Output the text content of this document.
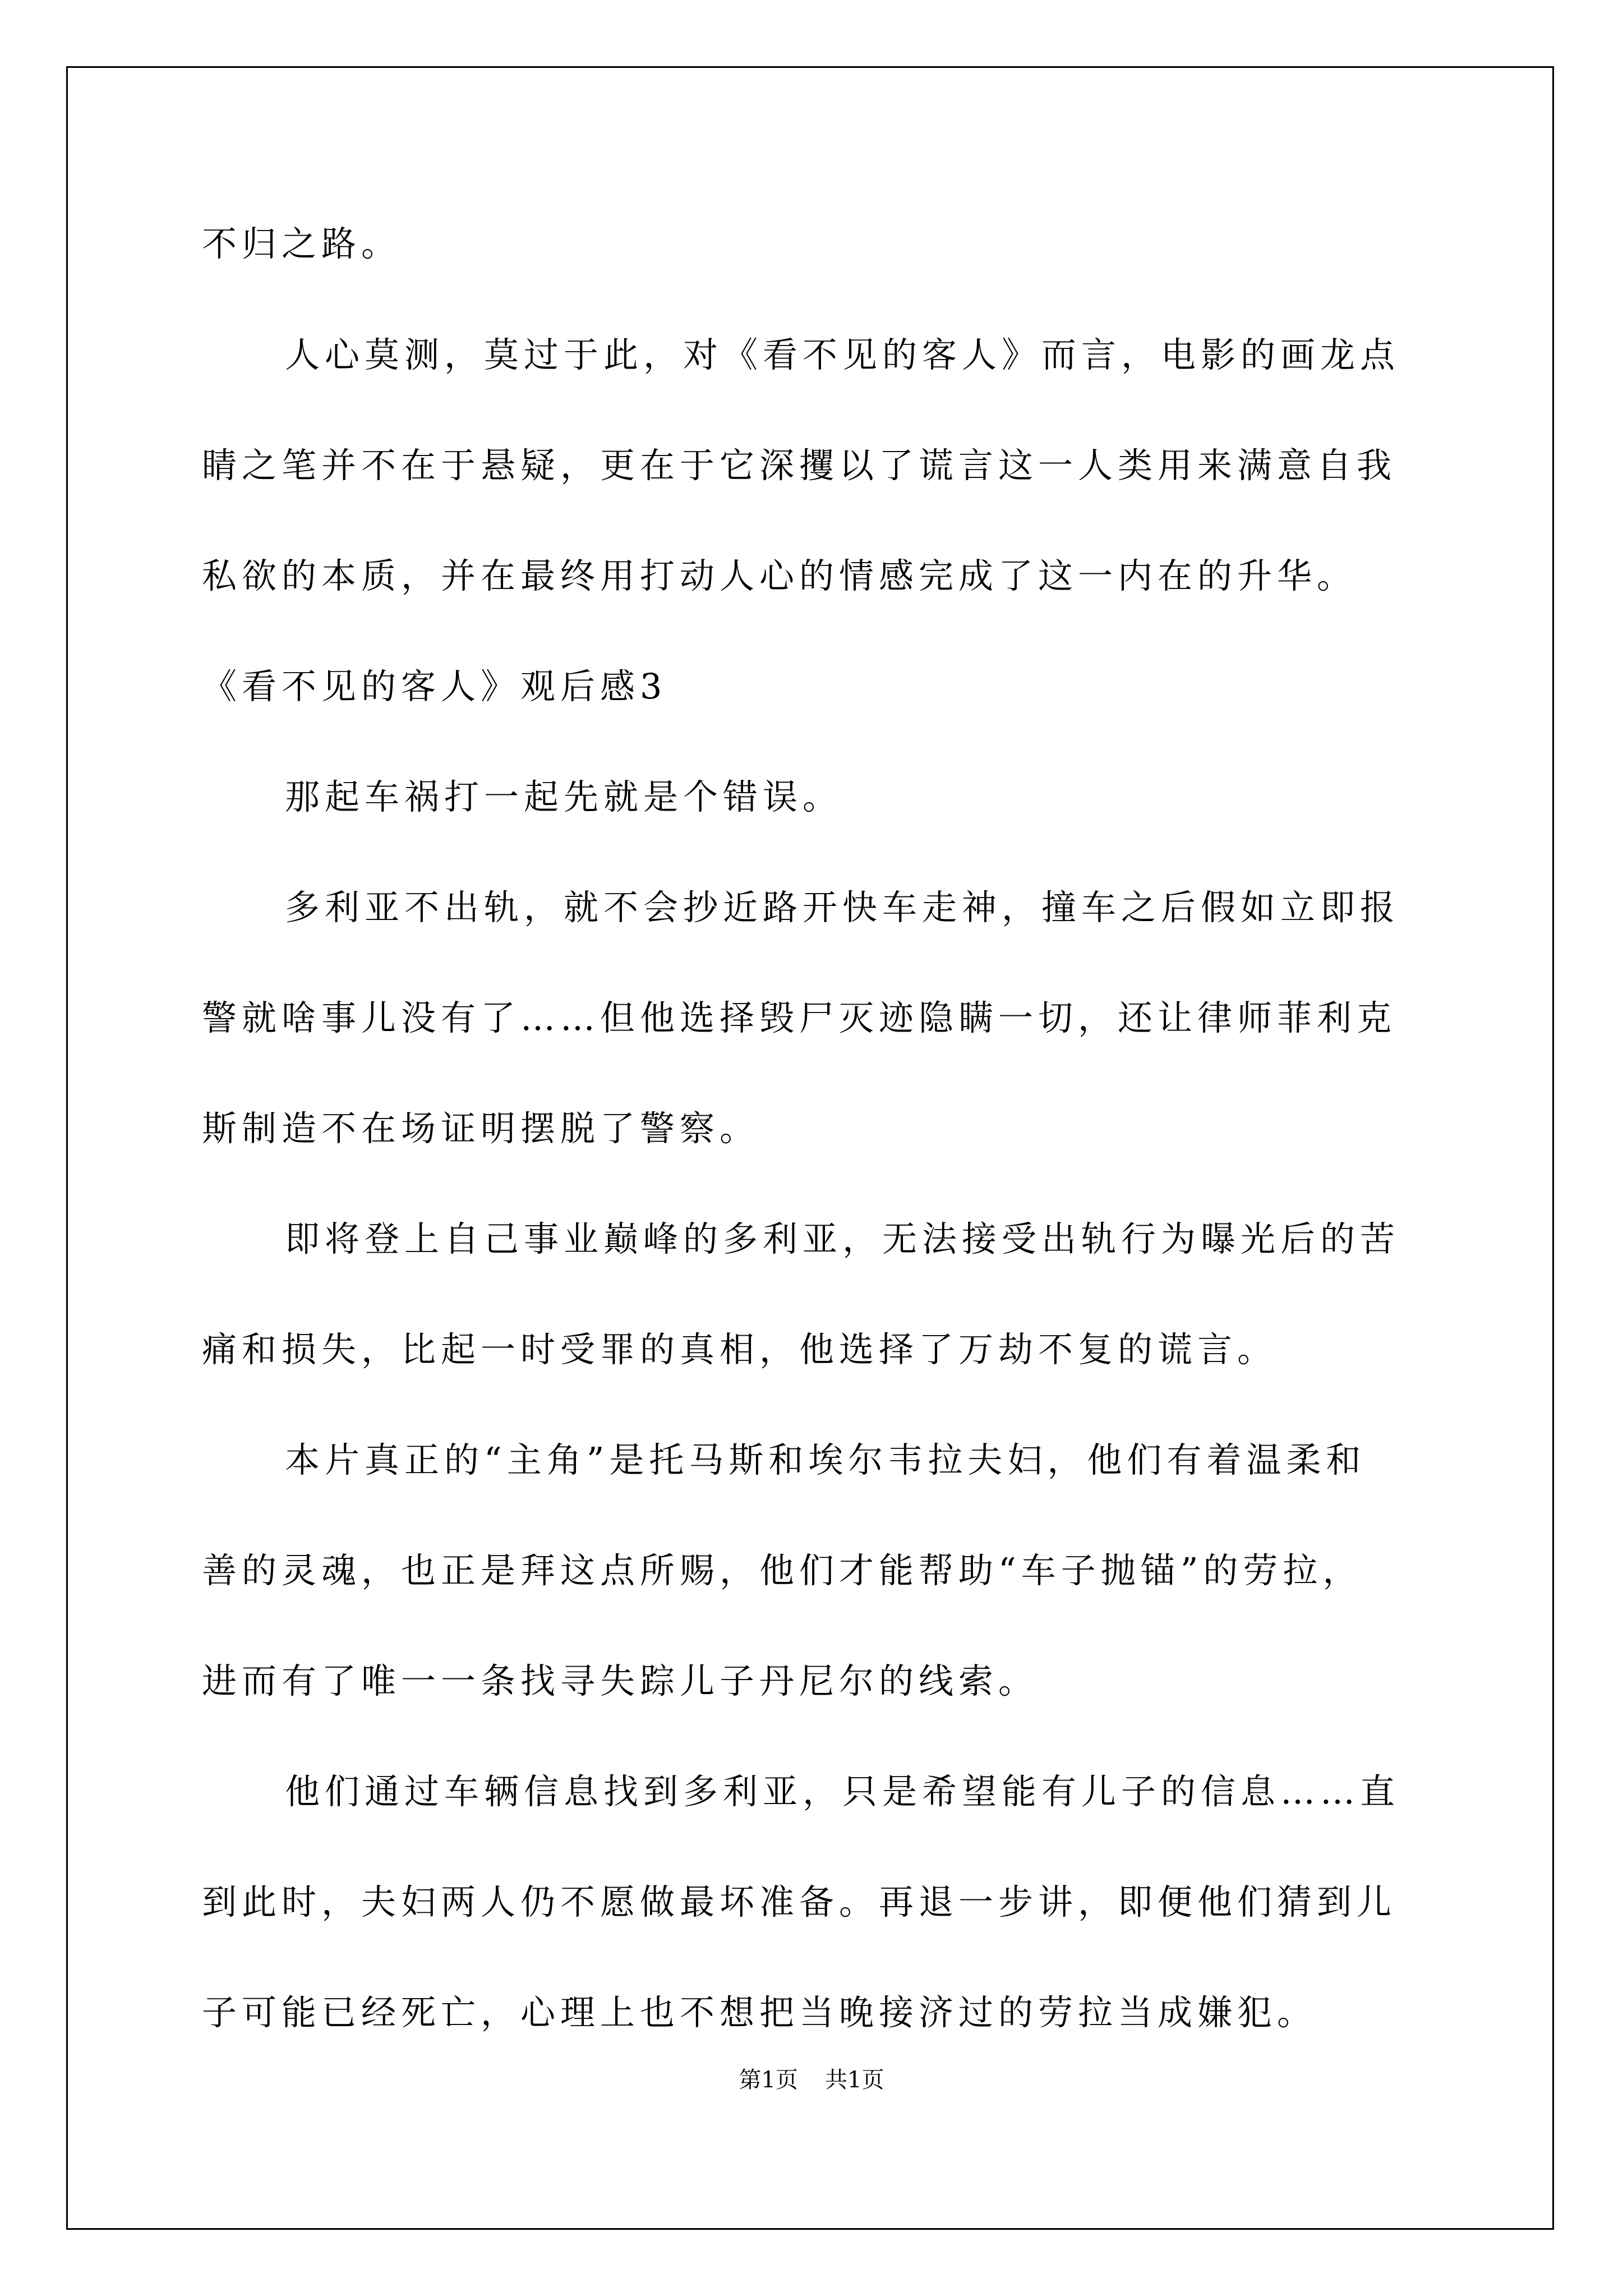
不归之路。
人心莫测，莫过于此，对《看不见的客人》而言，电影的画龙点
睛之笔并不在于悬疑，更在于它深攫以了谎言这一人类用来满意自我
私欲的本质，并在最终用打动人心的情感完成了这一内在的升华。
《看不见的客人》观后感3
那起车祸打一起先就是个错误。
多利亚不出轨，就不会抄近路开快车走神，撞车之后假如立即报
警就啥事儿没有了……但他选择毁尸灭迹隐瞒一切，还让律师菲利克
斯制造不在场证明摆脱了警察。
即将登上自己事业巅峰的多利亚，无法接受出轨行为曝光后的苦
痛和损失，比起一时受罪的真相，他选择了万劫不复的谎言。
本片真正的“主角”是托马斯和埃尔韦拉夫妇，他们有着温柔和
善的灵魂，也正是拜这点所赐，他们才能帮助“车子抛锚”的劳拉，
进而有了唯一一条找寻失踪儿子丹尼尔的线索。
他们通过车辆信息找到多利亚，只是希望能有儿子的信息……直
到此时，夫妇两人仍不愿做最坏准备。再退一步讲，即便他们猜到儿
子可能已经死亡，心理上也不想把当晚接济过的劳拉当成嫌犯。
第1页 共1页
